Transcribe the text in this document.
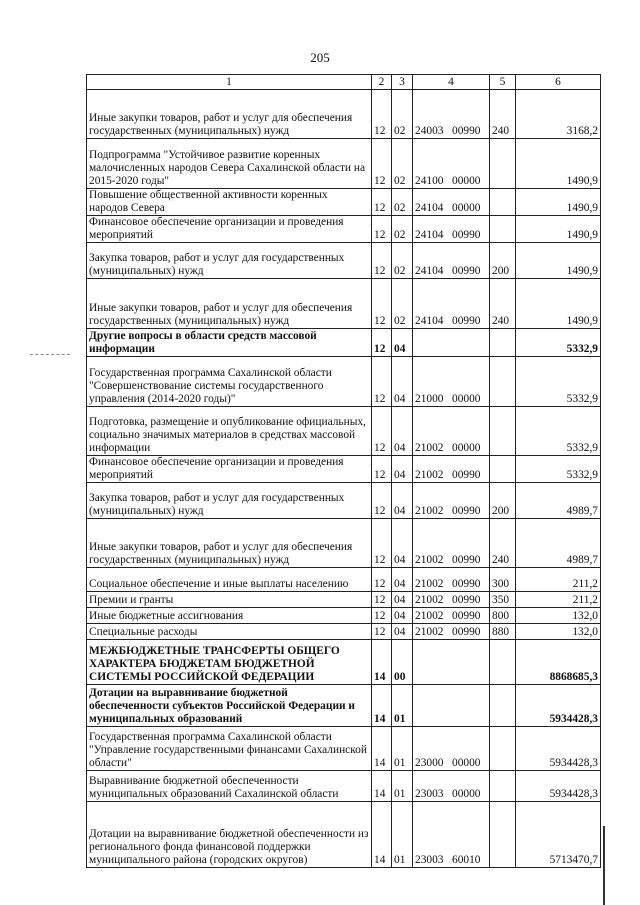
205
1	2	3	4	5	6
Иные закупки товаров, работ и услуг для обеспечения государственных (муниципальных) нужд	12	02	24003   00990	240	3168,2
Подпрограмма "Устойчивое развитие коренных малочисленных народов Севера Сахалинской области на 2015-2020 годы"	12	02	24100   00000		1490,9
Повышение общественной активности коренных народов Севера	12	02	24104   00000		1490,9
Финансовое обеспечение организации и проведения мероприятий	12	02	24104   00990		1490,9
Закупка товаров, работ и услуг для государственных (муниципальных) нужд	12	02	24104   00990	200	1490,9
Иные закупки товаров, работ и услуг для обеспечения государственных (муниципальных) нужд	12	02	24104   00990	240	1490,9
Другие вопросы в области средств массовой информации	12	04			5332,9
Государственная программа Сахалинской области "Совершенствование системы государственного управления (2014-2020 годы)"	12	04	21000   00000		5332,9
Подготовка, размещение и опубликование официальных, социально значимых материалов в средствах массовой информации	12	04	21002   00000		5332,9
Финансовое обеспечение организации и проведения мероприятий	12	04	21002   00990		5332,9
Закупка товаров, работ и услуг для государственных (муниципальных) нужд	12	04	21002   00990	200	4989,7
Иные закупки товаров, работ и услуг для обеспечения государственных (муниципальных) нужд	12	04	21002   00990	240	4989,7
Социальное обеспечение и иные выплаты населению	12	04	21002   00990	300	211,2
Премии и гранты	12	04	21002   00990	350	211,2
Иные бюджетные ассигнования	12	04	21002   00990	800	132,0
Специальные расходы	12	04	21002   00990	880	132,0
МЕЖБЮДЖЕТНЫЕ ТРАНСФЕРТЫ ОБЩЕГО ХАРАКТЕРА БЮДЖЕТАМ БЮДЖЕТНОЙ СИСТЕМЫ РОССИЙСКОЙ ФЕДЕРАЦИИ	14	00			8868685,3
Дотации на выравнивание бюджетной обеспеченности субъектов Российской Федерации и муниципальных образований	14	01			5934428,3
Государственная программа Сахалинской области "Управление государственными финансами Сахалинской области"	14	01	23000   00000		5934428,3
Выравнивание бюджетной обеспеченности муниципальных образований Сахалинской области	14	01	23003   00000		5934428,3
Дотации на выравнивание бюджетной обеспеченности из регионального фонда финансовой поддержки муниципального района (городских округов)	14	01	23003   60010		5713470,7
